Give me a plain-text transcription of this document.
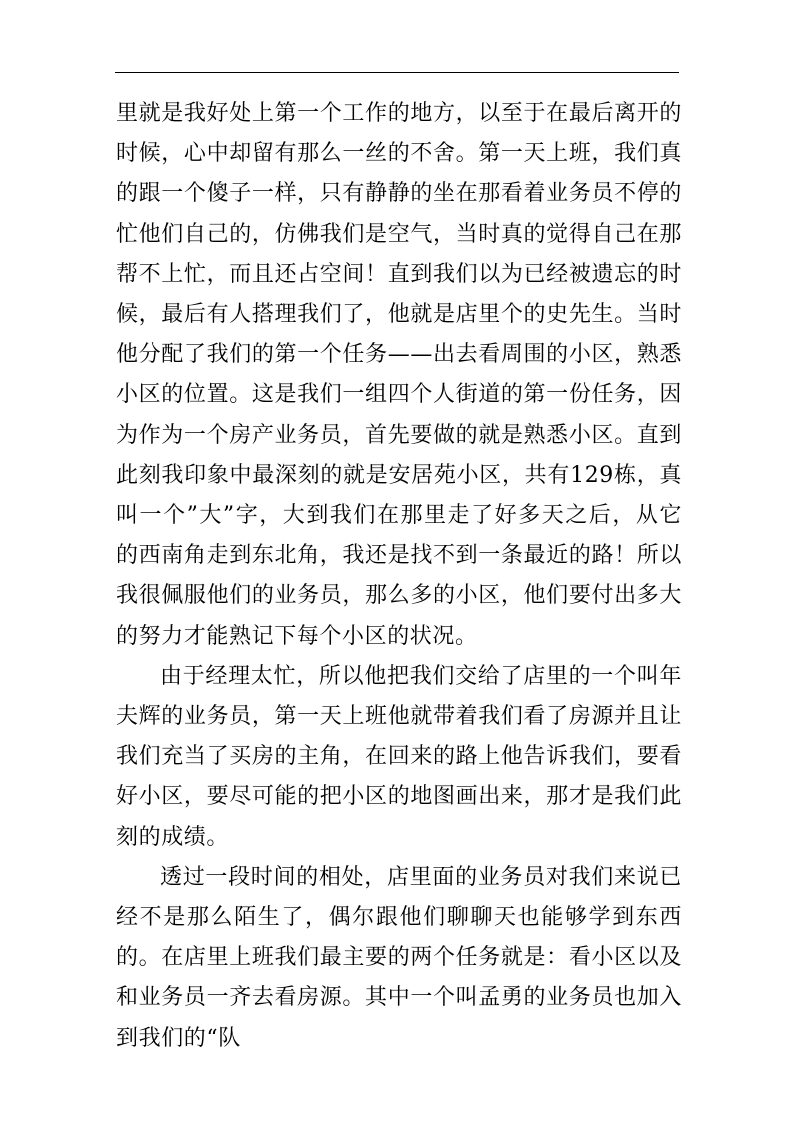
里就是我好处上第一个工作的地方，以至于在最后离开的时候，心中却留有那么一丝的不舍。第一天上班，我们真的跟一个傻子一样，只有静静的坐在那看着业务员不停的忙他们自己的，仿佛我们是空气，当时真的觉得自己在那帮不上忙，而且还占空间！直到我们以为已经被遗忘的时候，最后有人搭理我们了，他就是店里个的史先生。当时他分配了我们的第一个任务——出去看周围的小区，熟悉小区的位置。这是我们一组四个人街道的第一份任务，因为作为一个房产业务员，首先要做的就是熟悉小区。直到此刻我印象中最深刻的就是安居苑小区，共有129栋，真叫一个”大”字，大到我们在那里走了好多天之后，从它的西南角走到东北角，我还是找不到一条最近的路！所以我很佩服他们的业务员，那么多的小区，他们要付出多大的努力才能熟记下每个小区的状况。

由于经理太忙，所以他把我们交给了店里的一个叫年夫辉的业务员，第一天上班他就带着我们看了房源并且让我们充当了买房的主角，在回来的路上他告诉我们，要看好小区，要尽可能的把小区的地图画出来，那才是我们此刻的成绩。

透过一段时间的相处，店里面的业务员对我们来说已经不是那么陌生了，偶尔跟他们聊聊天也能够学到东西的。在店里上班我们最主要的两个任务就是：看小区以及和业务员一齐去看房源。其中一个叫孟勇的业务员也加入到我们的“队
